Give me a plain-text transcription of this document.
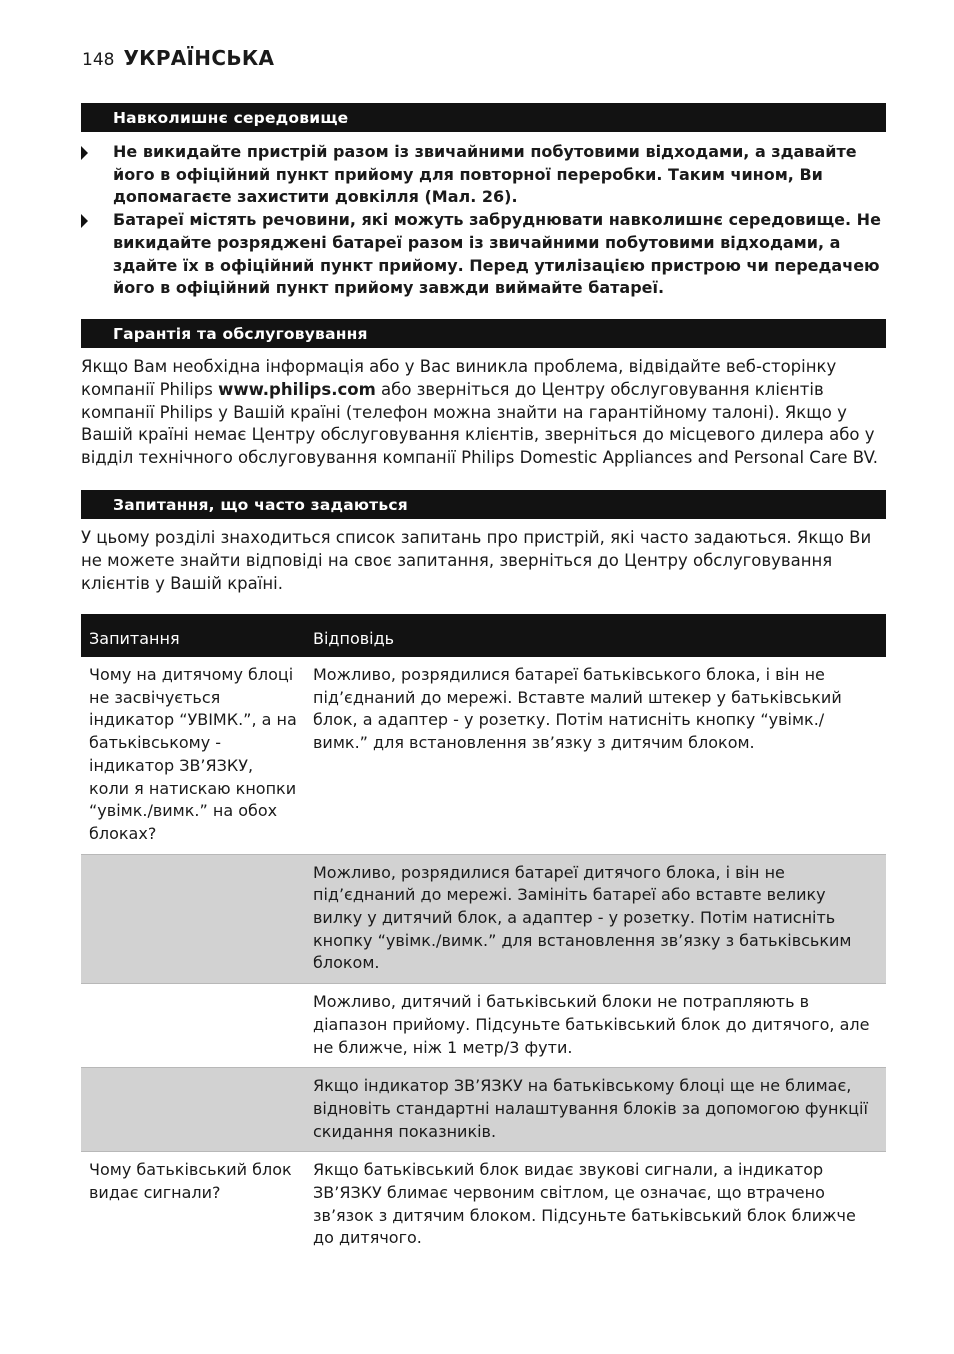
148 УКРАЇНСЬКА
Навколишнє середовище
Не викидайте пристрій разом із звичайними побутовими відходами, а здавайте його в офіційний пункт прийому для повторної переробки. Таким чином, Ви допомагаєте захистити довкілля (Мал. 26).
Батареї містять речовини, які можуть забруднювати навколишнє середовище. Не викидайте розряджені батареї разом із звичайними побутовими відходами, а здайте їх в офіційний пункт прийому. Перед утилізацією пристрою чи передачею його в офіційний пункт прийому завжди виймайте батареї.
Гарантія та обслуговування

Якщо Вам необхідна інформація або у Вас виникла проблема, відвідайте веб-сторінку компанії Philips www.philips.com або зверніться до Центру обслуговування клієнтів компанії Philips у Вашій країні (телефон можна знайти на гарантійному талоні). Якщо у Вашій країні немає Центру обслуговування клієнтів, зверніться до місцевого дилера або у відділ технічного обслуговування компанії Philips Domestic Appliances and Personal Care BV.

Запитання, що часто задаються

У цьому розділі знаходиться список запитань про пристрій, які часто задаються. Якщо Ви не можете знайти відповіді на своє запитання, зверніться до Центру обслуговування клієнтів у Вашій країні.

Запитання	Відповідь
Чому на дитячому блоці не засвічується індикатор “УВІМК.”, а на батьківському - індикатор ЗВ’ЯЗКУ, коли я натискаю кнопки “увімк./вимк.” на обох блоках?	Можливо, розрядилися батареї батьківського блока, і він не під’єднаний до мережі. Вставте малий штекер у батьківський блок, а адаптер - у розетку. Потім натисніть кнопку “увімк./вимк.” для встановлення зв’язку з дитячим блоком.
	Можливо, розрядилися батареї дитячого блока, і він не під’єднаний до мережі. Замініть батареї або вставте велику вилку у дитячий блок, а адаптер - у розетку. Потім натисніть кнопку “увімк./вимк.” для встановлення зв’язку з батьківським блоком.
	Можливо, дитячий і батьківський блоки не потрапляють в діапазон прийому. Підсуньте батьківський блок до дитячого, але не ближче, ніж 1 метр/3 фути.
	Якщо індикатор ЗВ’ЯЗКУ на батьківському блоці ще не блимає, відновіть стандартні налаштування блоків за допомогою функції скидання показників.
Чому батьківський блок видає сигнали?	Якщо батьківський блок видає звукові сигнали, а індикатор ЗВ’ЯЗКУ блимає червоним світлом, це означає, що втрачено зв’язок з дитячим блоком. Підсуньте батьківський блок ближче до дитячого.
